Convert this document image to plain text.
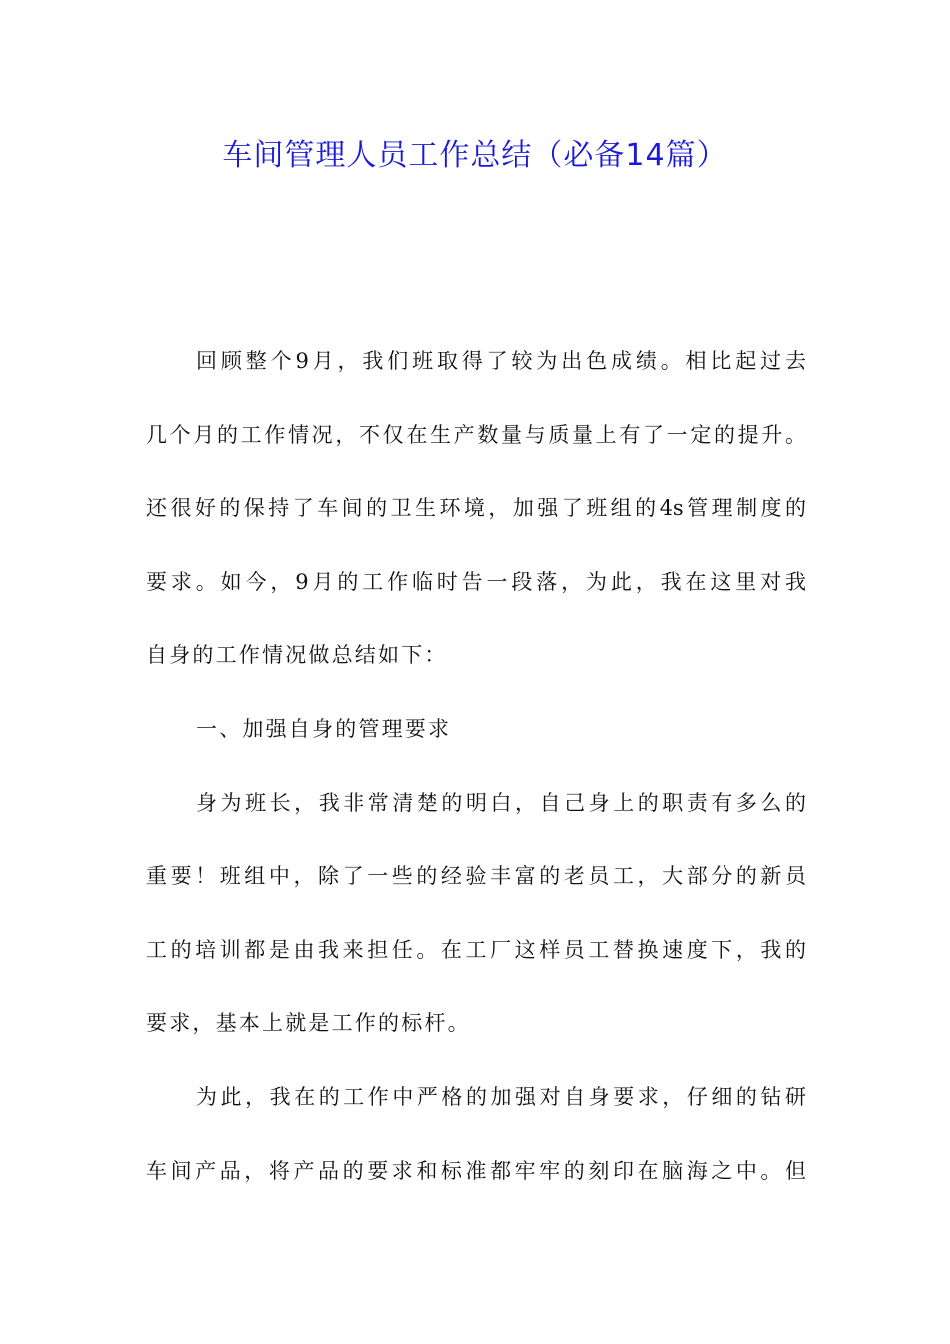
车间管理人员工作总结（必备14篇）
回顾整个9月，我们班取得了较为出色成绩。相比起过去
几个月的工作情况，不仅在生产数量与质量上有了一定的提升。
还很好的保持了车间的卫生环境，加强了班组的4s管理制度的
要求。如今，9月的工作临时告一段落，为此，我在这里对我
自身的工作情况做总结如下：
一、加强自身的管理要求
身为班长，我非常清楚的明白，自己身上的职责有多么的
重要！班组中，除了一些的经验丰富的老员工，大部分的新员
工的培训都是由我来担任。在工厂这样员工替换速度下，我的
要求，基本上就是工作的标杆。
为此，我在的工作中严格的加强对自身要求，仔细的钻研
车间产品，将产品的要求和标准都牢牢的刻印在脑海之中。但
